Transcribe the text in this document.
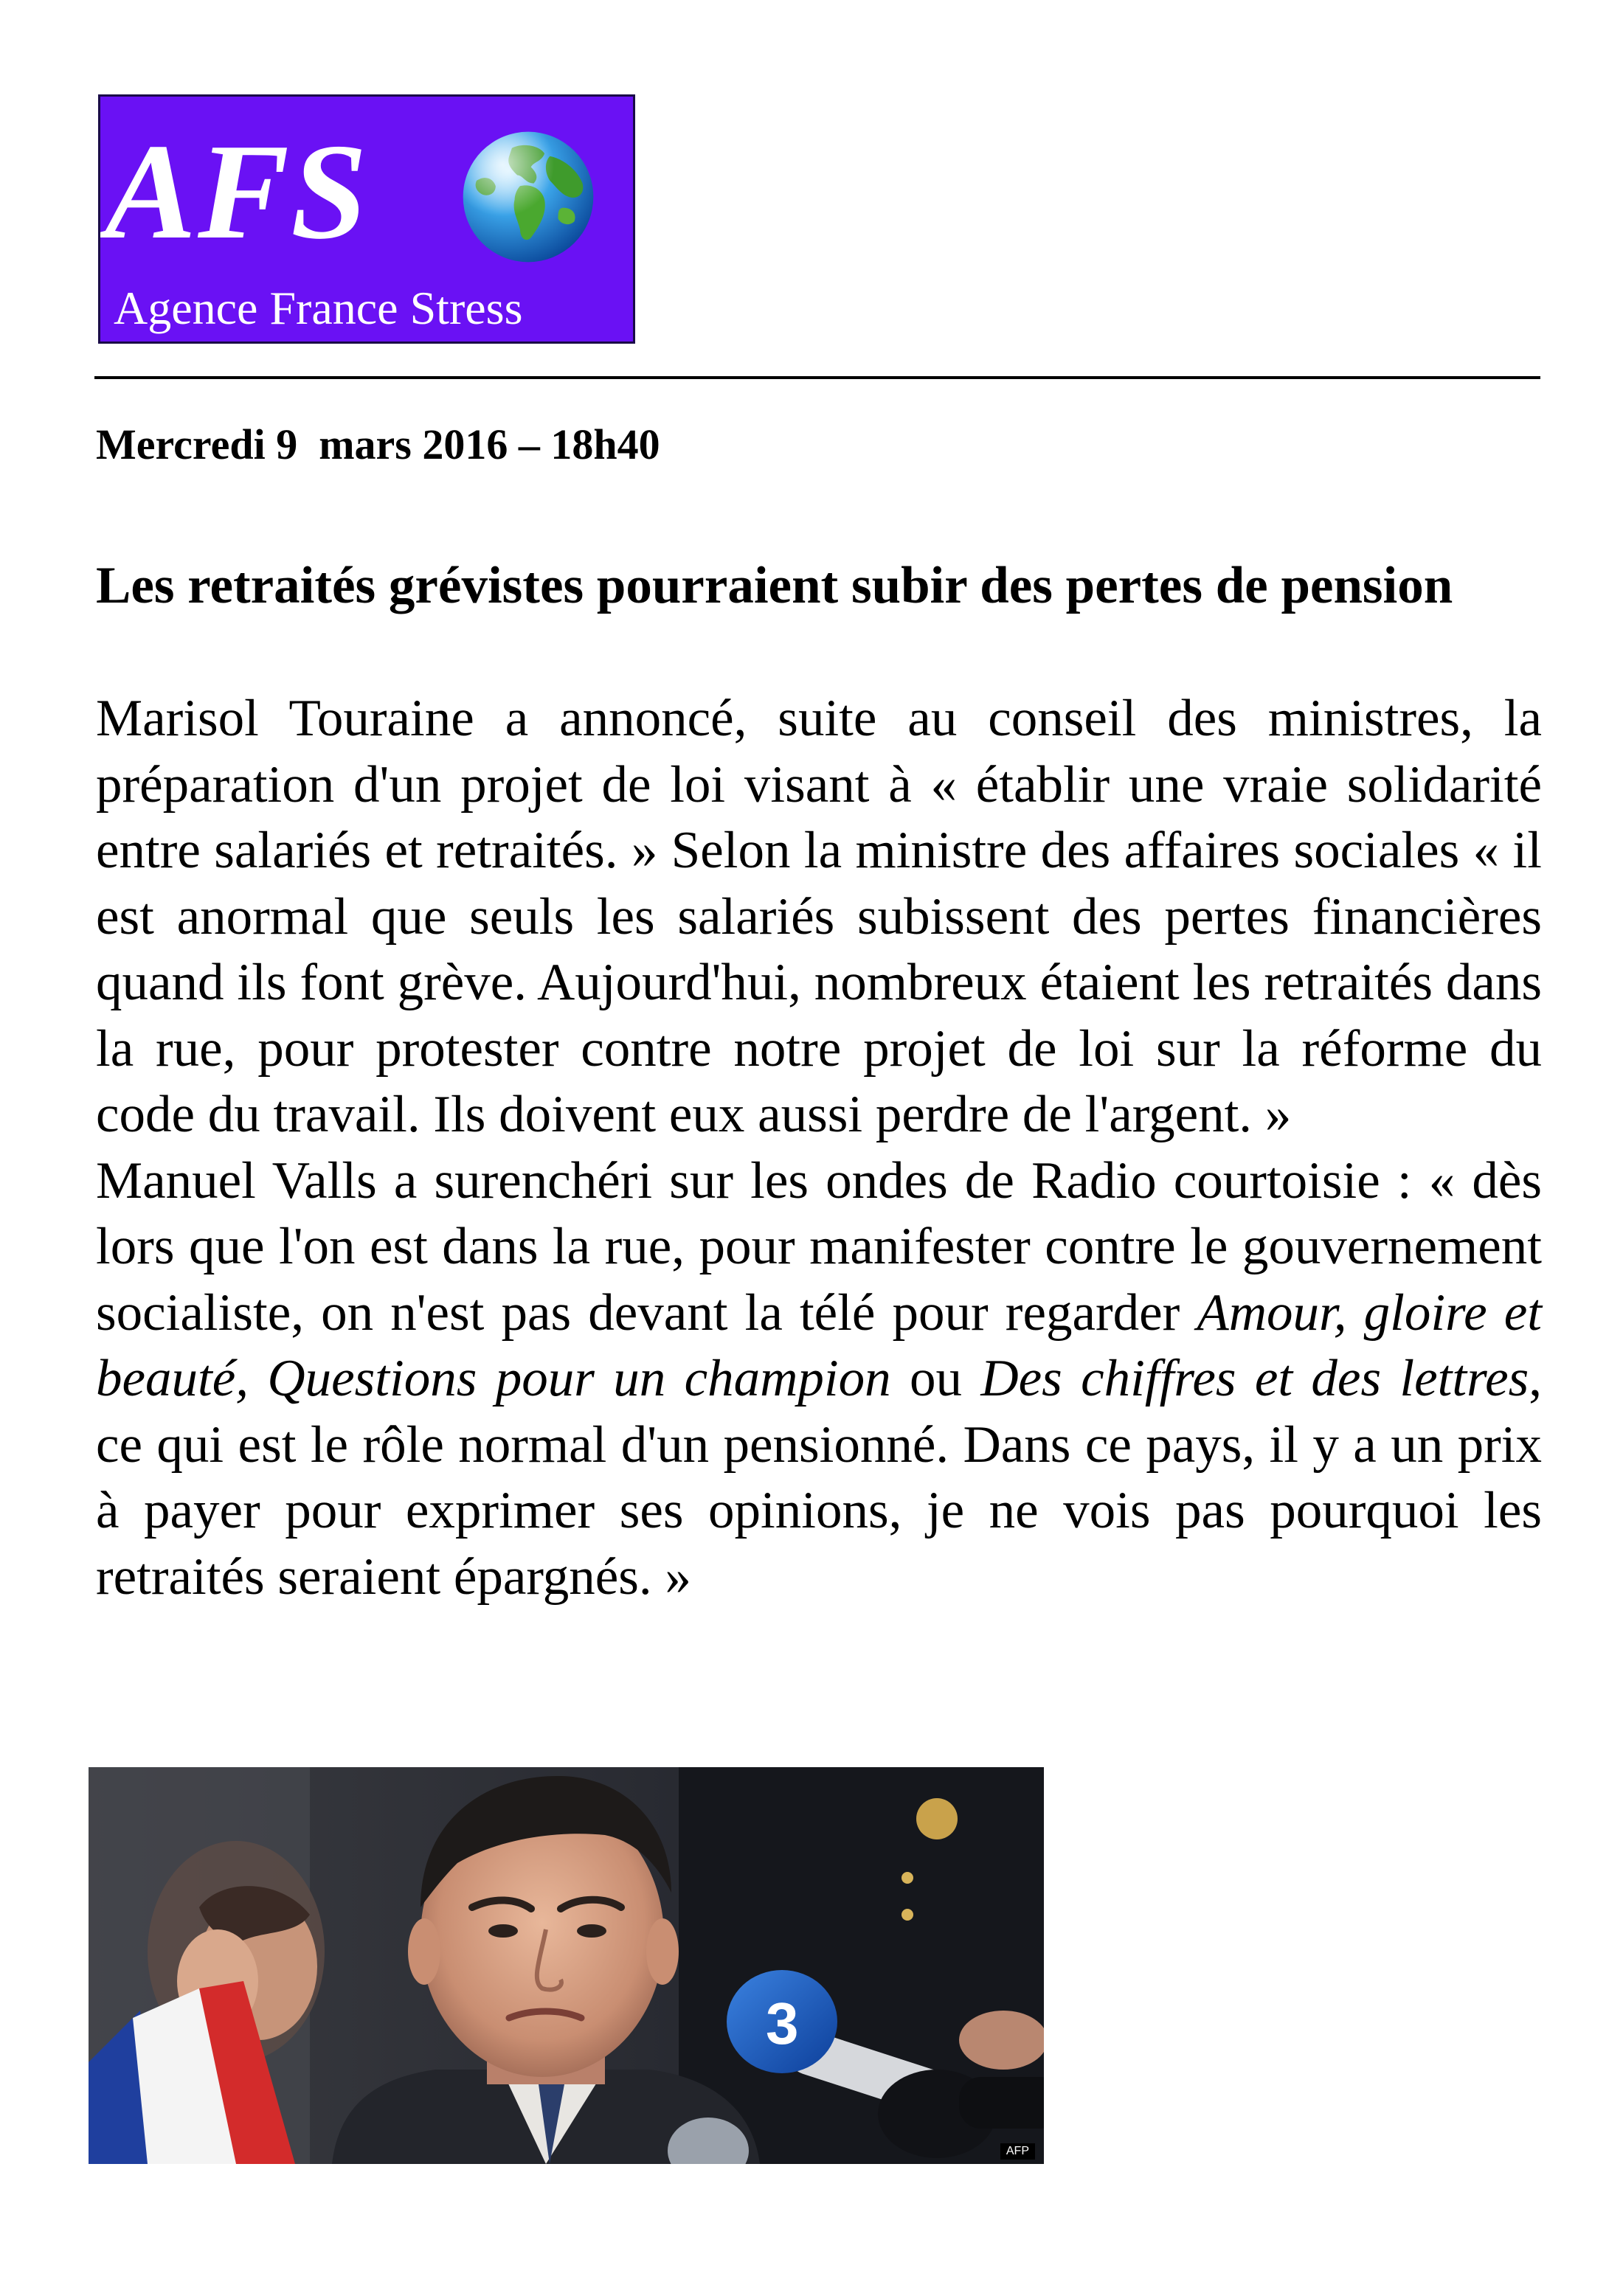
AFS
Agence France Stress
Mercredi 9  mars 2016 – 18h40
Les retraités grévistes pourraient subir des pertes de pension

Marisol Touraine a annoncé, suite au conseil des ministres, la préparation d'un projet de loi visant à « établir une vraie solidarité entre salariés et retraités. » Selon la ministre des affaires sociales « il est anormal que seuls les salariés subissent des pertes financières quand ils font grève. Aujourd'hui, nombreux étaient les retraités dans la rue, pour protester contre notre projet de loi sur la réforme du code du travail. Ils doivent eux aussi perdre de l'argent. »

Manuel Valls a surenchéri sur les ondes de Radio courtoisie : « dès lors que l'on est dans la rue, pour manifester contre le gouvernement socialiste, on n'est pas devant la télé pour regarder Amour, gloire et beauté, Questions pour un champion ou Des chiffres et des lettres, ce qui est le rôle normal d'un pensionné. Dans ce pays, il y a un prix à payer pour exprimer ses opinions, je ne vois pas pourquoi les retraités seraient épargnés. »

3
AFP
